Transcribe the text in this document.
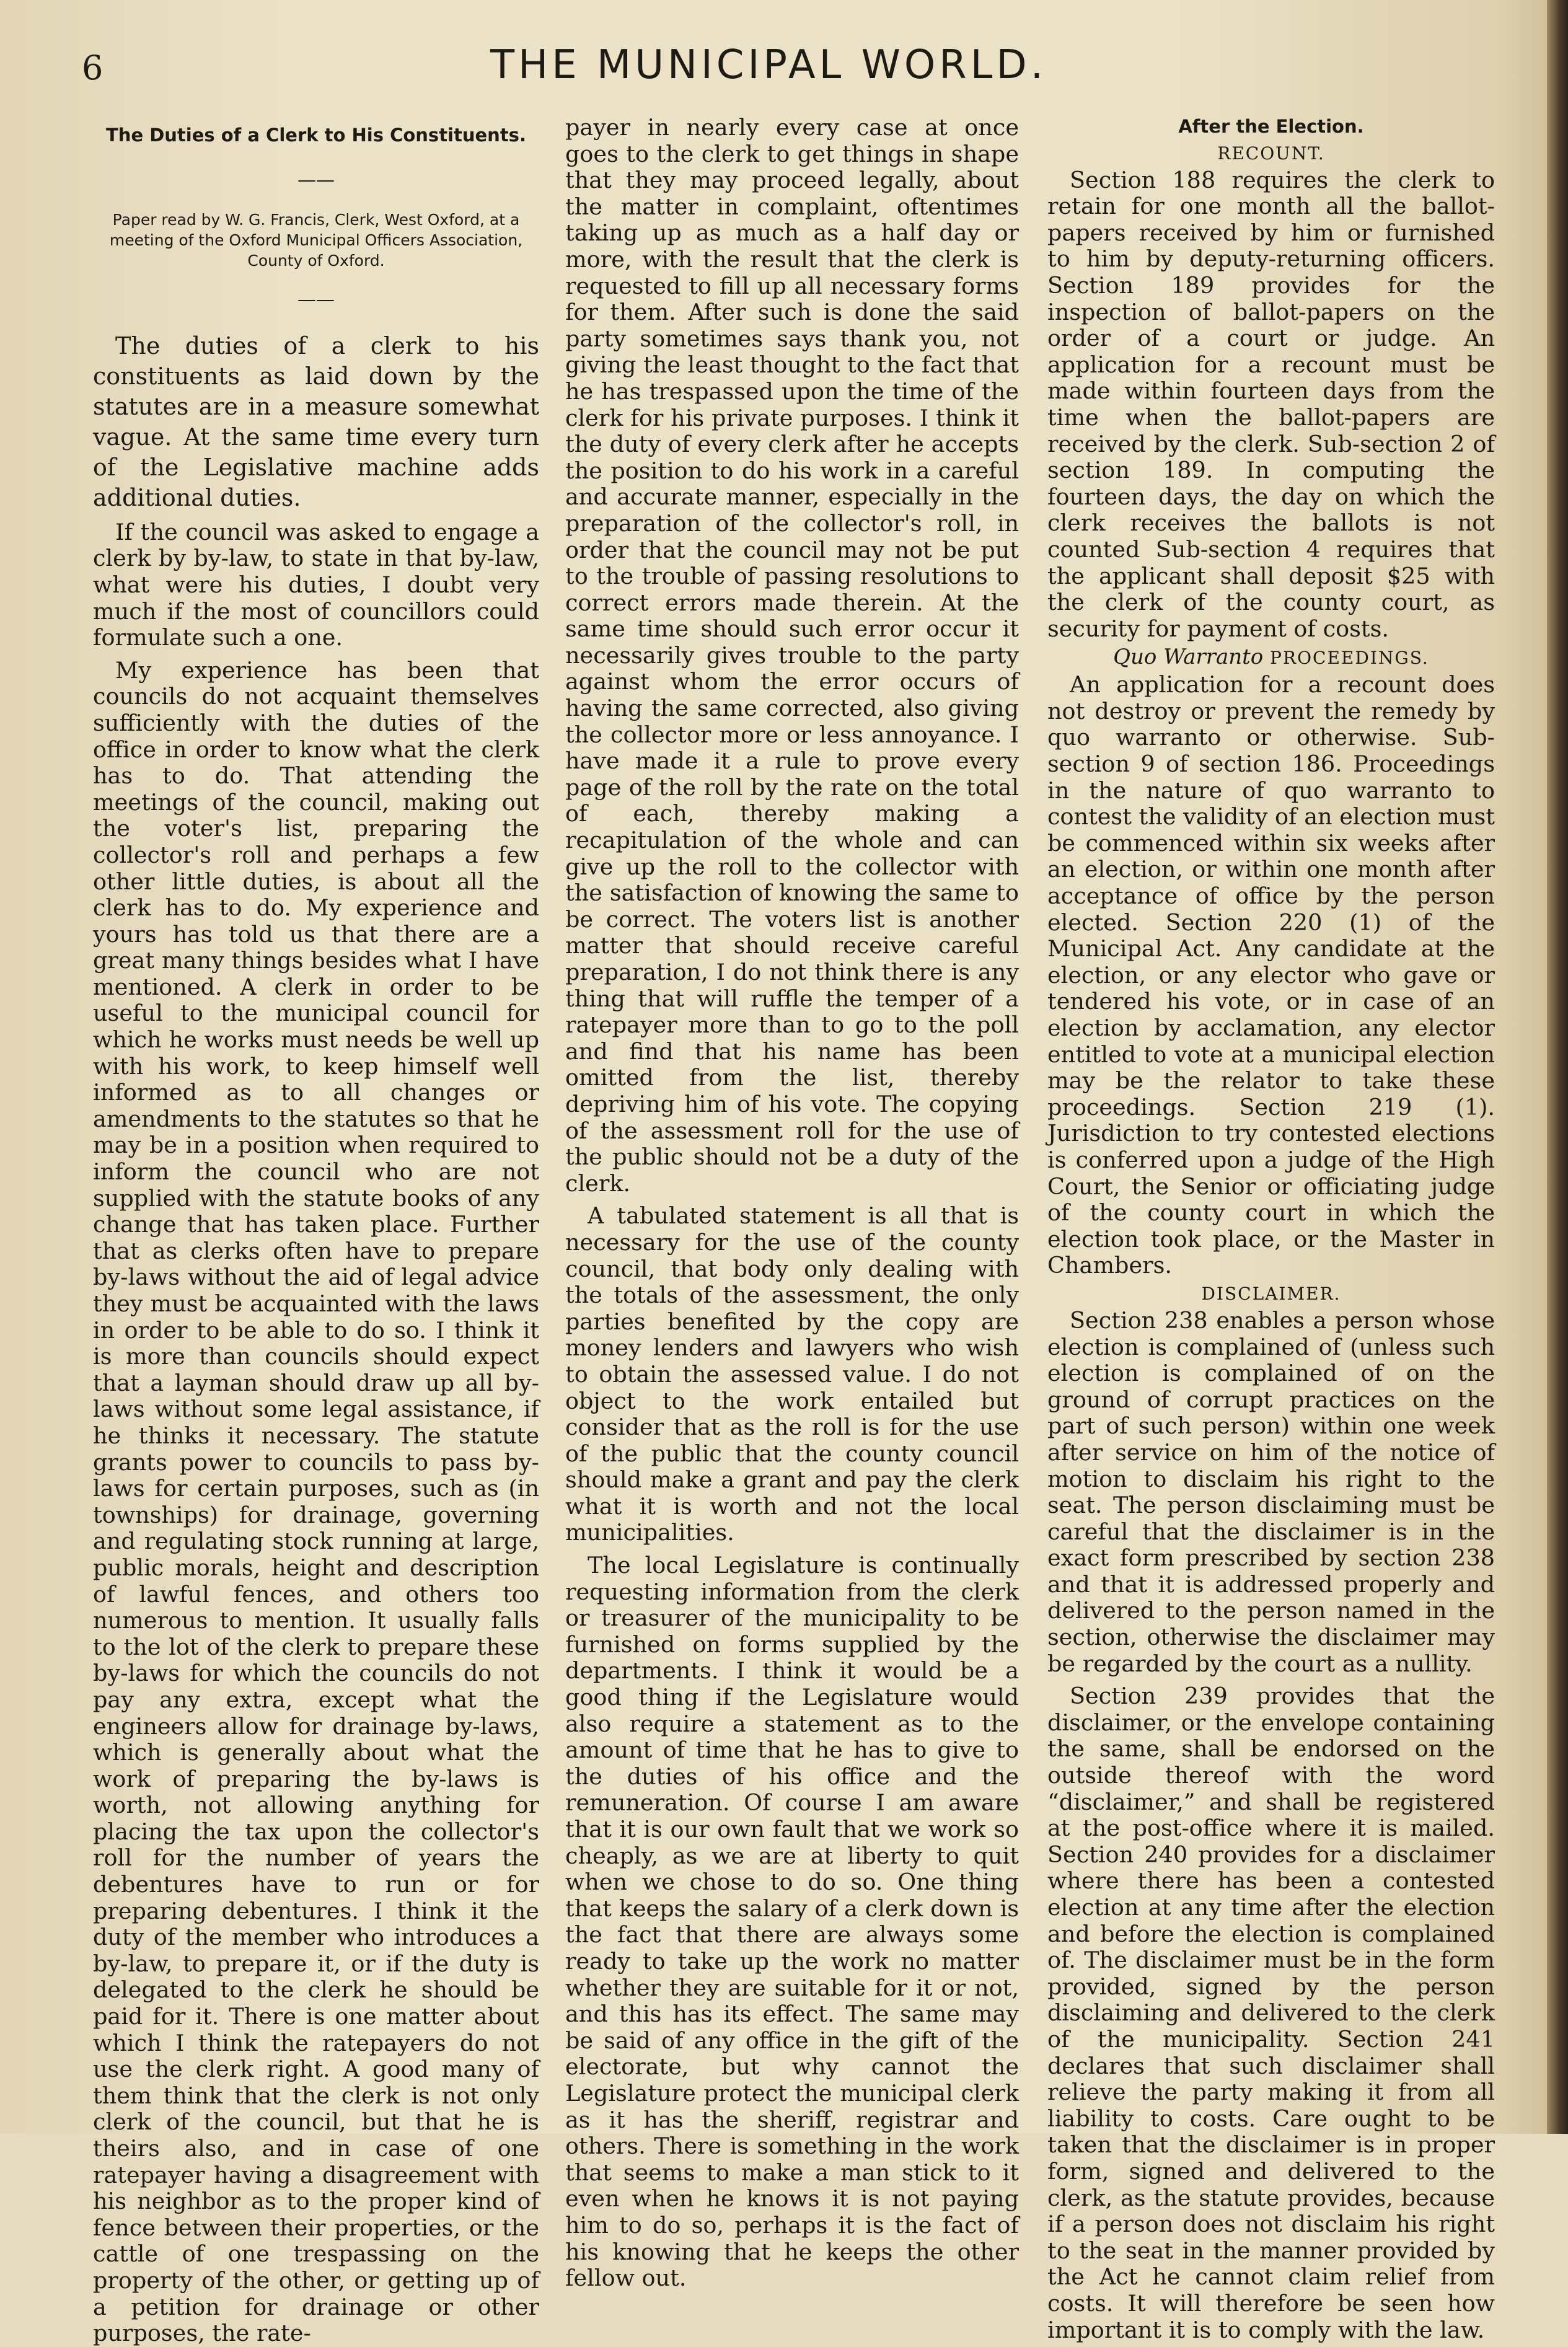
6	THE MUNICIPAL WORLD.
The Duties of a Clerk to His Constituents.
——
Paper read by W. G. Francis, Clerk, West Oxford, at a meeting of the Oxford Municipal Officers Association, County of Oxford.
——

The duties of a clerk to his constituents as laid down by the statutes are in a measure somewhat vague. At the same time every turn of the Legislative machine adds additional duties.

If the council was asked to engage a clerk by by-law, to state in that by-law, what were his duties, I doubt very much if the most of councillors could formulate such a one.

My experience has been that councils do not acquaint themselves sufficiently with the duties of the office in order to know what the clerk has to do. That attending the meetings of the council, making out the voter's list, preparing the collector's roll and perhaps a few other little duties, is about all the clerk has to do. My experience and yours has told us that there are a great many things besides what I have mentioned. A clerk in order to be useful to the municipal council for which he works must needs be well up with his work, to keep himself well informed as to all changes or amendments to the statutes so that he may be in a position when required to inform the council who are not supplied with the statute books of any change that has taken place. Further that as clerks often have to prepare by-laws without the aid of legal advice they must be acquainted with the laws in order to be able to do so. I think it is more than councils should expect that a layman should draw up all by-laws without some legal assistance, if he thinks it necessary. The statute grants power to councils to pass by-laws for certain purposes, such as (in townships) for drainage, governing and regulating stock running at large, public morals, height and description of lawful fences, and others too numerous to mention. It usually falls to the lot of the clerk to prepare these by-laws for which the councils do not pay any extra, except what the engineers allow for drainage by-laws, which is generally about what the work of preparing the by-laws is worth, not allowing anything for placing the tax upon the collector's roll for the number of years the debentures have to run or for preparing debentures. I think it the duty of the member who introduces a by-law, to prepare it, or if the duty is delegated to the clerk he should be paid for it. There is one matter about which I think the ratepayers do not use the clerk right. A good many of them think that the clerk is not only clerk of the council, but that he is theirs also, and in case of one ratepayer having a disagreement with his neighbor as to the proper kind of fence between their properties, or the cattle of one trespassing on the property of the other, or getting up of a petition for drainage or other purposes, the rate-

payer in nearly every case at once goes to the clerk to get things in shape that they may proceed legally, about the matter in complaint, oftentimes taking up as much as a half day or more, with the result that the clerk is requested to fill up all necessary forms for them. After such is done the said party sometimes says thank you, not giving the least thought to the fact that he has trespassed upon the time of the clerk for his private purposes. I think it the duty of every clerk after he accepts the position to do his work in a careful and accurate manner, especially in the preparation of the collector's roll, in order that the council may not be put to the trouble of passing resolutions to correct errors made therein. At the same time should such error occur it necessarily gives trouble to the party against whom the error occurs of having the same corrected, also giving the collector more or less annoyance. I have made it a rule to prove every page of the roll by the rate on the total of each, thereby making a recapitulation of the whole and can give up the roll to the collector with the satisfaction of knowing the same to be correct. The voters list is another matter that should receive careful preparation, I do not think there is any thing that will ruffle the temper of a ratepayer more than to go to the poll and find that his name has been omitted from the list, thereby depriving him of his vote. The copying of the assessment roll for the use of the public should not be a duty of the clerk.

A tabulated statement is all that is necessary for the use of the county council, that body only dealing with the totals of the assessment, the only parties benefited by the copy are money lenders and lawyers who wish to obtain the assessed value. I do not object to the work entailed but consider that as the roll is for the use of the public that the county council should make a grant and pay the clerk what it is worth and not the local municipalities.

The local Legislature is continually requesting information from the clerk or treasurer of the municipality to be furnished on forms supplied by the departments. I think it would be a good thing if the Legislature would also require a statement as to the amount of time that he has to give to the duties of his office and the remuneration. Of course I am aware that it is our own fault that we work so cheaply, as we are at liberty to quit when we chose to do so. One thing that keeps the salary of a clerk down is the fact that there are always some ready to take up the work no matter whether they are suitable for it or not, and this has its effect. The same may be said of any office in the gift of the electorate, but why cannot the Legislature protect the municipal clerk as it has the sheriff, registrar and others. There is something in the work that seems to make a man stick to it even when he knows it is not paying him to do so, perhaps it is the fact of his knowing that he keeps the other fellow out.

After the Election.
RECOUNT.

Section 188 requires the clerk to retain for one month all the ballot-papers received by him or furnished to him by deputy-returning officers. Section 189 provides for the inspection of ballot-papers on the order of a court or judge. An application for a recount must be made within fourteen days from the time when the ballot-papers are received by the clerk. Sub-section 2 of section 189. In computing the fourteen days, the day on which the clerk receives the ballots is not counted Sub-section 4 requires that the applicant shall deposit $25 with the clerk of the county court, as security for payment of costs.

Quo Warranto PROCEEDINGS.

An application for a recount does not destroy or prevent the remedy by quo warranto or otherwise. Sub-section 9 of section 186. Proceedings in the nature of quo warranto to contest the validity of an election must be commenced within six weeks after an election, or within one month after acceptance of office by the person elected. Section 220 (1) of the Municipal Act. Any candidate at the election, or any elector who gave or tendered his vote, or in case of an election by acclamation, any elector entitled to vote at a municipal election may be the relator to take these proceedings. Section 219 (1). Jurisdiction to try contested elections is conferred upon a judge of the High Court, the Senior or officiating judge of the county court in which the election took place, or the Master in Chambers.

DISCLAIMER.

Section 238 enables a person whose election is complained of (unless such election is complained of on the ground of corrupt practices on the part of such person) within one week after service on him of the notice of motion to disclaim his right to the seat. The person disclaiming must be careful that the disclaimer is in the exact form prescribed by section 238 and that it is addressed properly and delivered to the person named in the section, otherwise the disclaimer may be regarded by the court as a nullity.

Section 239 provides that the disclaimer, or the envelope containing the same, shall be endorsed on the outside thereof with the word “disclaimer,” and shall be registered at the post-office where it is mailed. Section 240 provides for a disclaimer where there has been a contested election at any time after the election and before the election is complained of. The disclaimer must be in the form provided, signed by the person disclaiming and delivered to the clerk of the municipality. Section 241 declares that such disclaimer shall relieve the party making it from all liability to costs. Care ought to be taken that the disclaimer is in proper form, signed and delivered to the clerk, as the statute provides, because if a person does not disclaim his right to the seat in the manner provided by the Act he cannot claim relief from costs. It will therefore be seen how important it is to comply with the law.
